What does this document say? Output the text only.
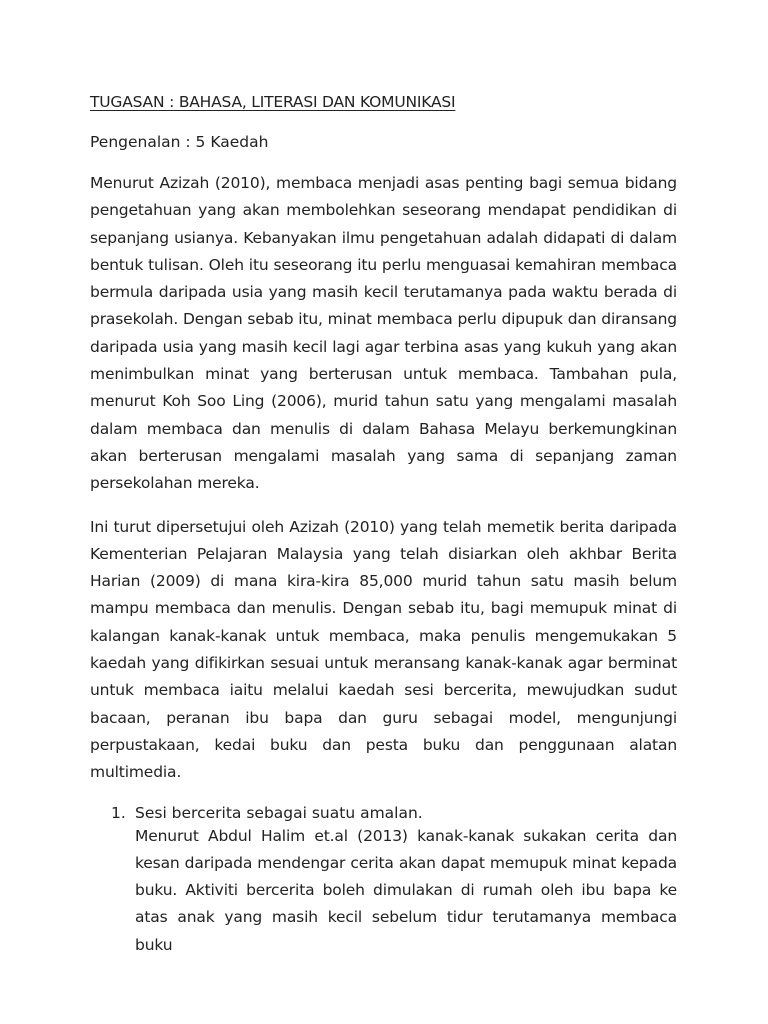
TUGASAN : BAHASA, LITERASI DAN KOMUNIKASI

Pengenalan : 5 Kaedah

Menurut Azizah (2010), membaca menjadi asas penting bagi semua bidang pengetahuan yang akan membolehkan seseorang mendapat pendidikan di sepanjang usianya. Kebanyakan ilmu pengetahuan adalah didapati di dalam bentuk tulisan. Oleh itu seseorang itu perlu menguasai kemahiran membaca bermula daripada usia yang masih kecil terutamanya pada waktu berada di prasekolah. Dengan sebab itu, minat membaca perlu dipupuk dan diransang daripada usia yang masih kecil lagi agar terbina asas yang kukuh yang akan menimbulkan minat yang berterusan untuk membaca. Tambahan pula, menurut Koh Soo Ling (2006), murid tahun satu yang mengalami masalah dalam membaca dan menulis di dalam Bahasa Melayu berkemungkinan akan berterusan mengalami masalah yang sama di sepanjang zaman persekolahan mereka.

Ini turut dipersetujui oleh Azizah (2010) yang telah memetik berita daripada Kementerian Pelajaran Malaysia yang telah disiarkan oleh akhbar Berita Harian (2009) di mana kira-kira 85,000 murid tahun satu masih belum mampu membaca dan menulis. Dengan sebab itu, bagi memupuk minat di kalangan kanak-kanak untuk membaca, maka penulis mengemukakan 5 kaedah yang difikirkan sesuai untuk meransang kanak-kanak agar berminat untuk membaca iaitu melalui kaedah sesi bercerita, mewujudkan sudut bacaan, peranan ibu bapa dan guru sebagai model, mengunjungi perpustakaan, kedai buku dan pesta buku dan penggunaan alatan multimedia.

1. Sesi bercerita sebagai suatu amalan.
Menurut Abdul Halim et.al (2013) kanak-kanak sukakan cerita dan kesan daripada mendengar cerita akan dapat memupuk minat kepada buku. Aktiviti bercerita boleh dimulakan di rumah oleh ibu bapa ke atas anak yang masih kecil sebelum tidur terutamanya membaca buku
